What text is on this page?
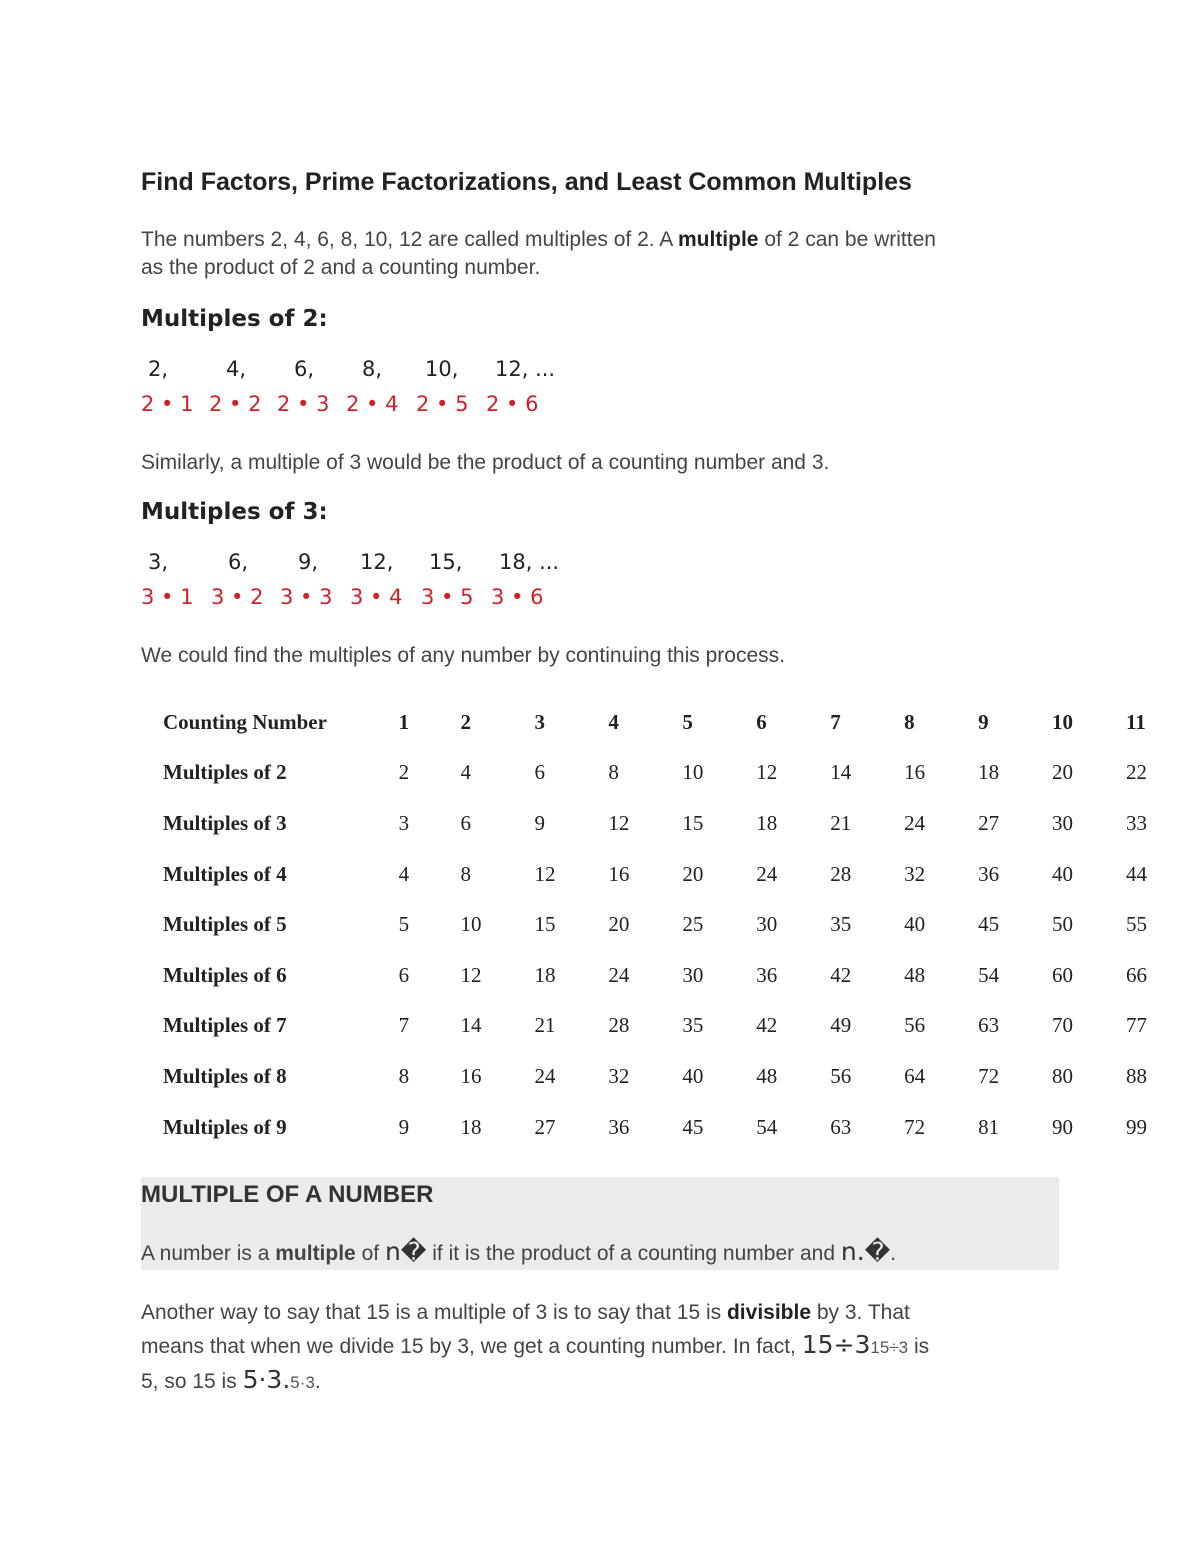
Find Factors, Prime Factorizations, and Least Common Multiples

The numbers 2, 4, 6, 8, 10, 12 are called multiples of 2. A multiple of 2 can be written
as the product of 2 and a counting number.

Multiples of 2:
2,	4, 6, 8, 10, 12, ...
2 • 1 2 • 2 2 • 3 2 • 4 2 • 5 2 • 6

Similarly, a multiple of 3 would be the product of a counting number and 3.

Multiples of 3:
3,	6, 9, 12, 15, 18, ...
3 • 1 3 • 2 3 • 3 3 • 4 3 • 5 3 • 6

We could find the multiples of any number by continuing this process.

Counting Number	1	2	3	4	5	6	7	8	9	10	11
Multiples of 2	2	4	6	8	10	12	14	16	18	20	22
Multiples of 3	3	6	9	12	15	18	21	24	27	30	33
Multiples of 4	4	8	12	16	20	24	28	32	36	40	44
Multiples of 5	5	10	15	20	25	30	35	40	45	50	55
Multiples of 6	6	12	18	24	30	36	42	48	54	60	66
Multiples of 7	7	14	21	28	35	42	49	56	63	70	77
Multiples of 8	8	16	24	32	40	48	56	64	72	80	88
Multiples of 9	9	18	27	36	45	54	63	72	81	90	99
MULTIPLE OF A NUMBER

A number is a multiple of n� if it is the product of a counting number and n.�.

Another way to say that 15 is a multiple of 3 is to say that 15 is divisible by 3. That
means that when we divide 15 by 3, we get a counting number. In fact, 15÷315÷3 is
5, so 15 is 5·3.5·3.
